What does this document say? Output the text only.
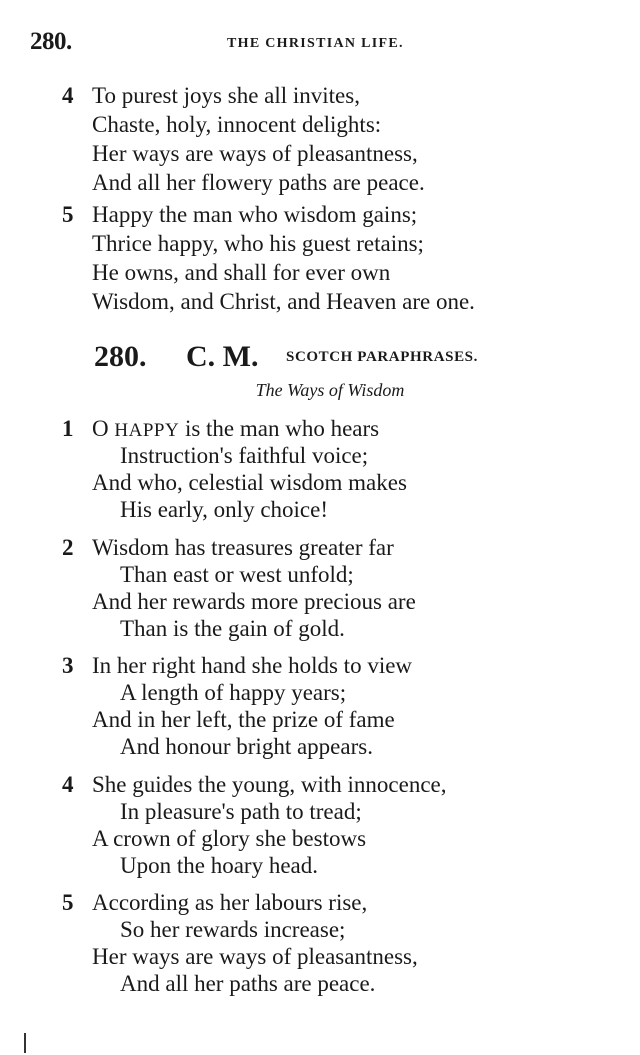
280.	THE CHRISTIAN LIFE.
4 To purest joys she all invites,
Chaste, holy, innocent delights:
Her ways are ways of pleasantness,
And all her flowery paths are peace.
5 Happy the man who wisdom gains;
Thrice happy, who his guest retains;
He owns, and shall for ever own
Wisdom, and Christ, and Heaven are one.
280. C. M. SCOTCH PARAPHRASES.
The Ways of Wisdom
1 O HAPPY is the man who hears
Instruction's faithful voice;
And who, celestial wisdom makes
His early, only choice!
2 Wisdom has treasures greater far
Than east or west unfold;
And her rewards more precious are
Than is the gain of gold.
3 In her right hand she holds to view
A length of happy years;
And in her left, the prize of fame
And honour bright appears.
4 She guides the young, with innocence,
In pleasure's path to tread;
A crown of glory she bestows
Upon the hoary head.
5 According as her labours rise,
So her rewards increase;
Her ways are ways of pleasantness,
And all her paths are peace.
